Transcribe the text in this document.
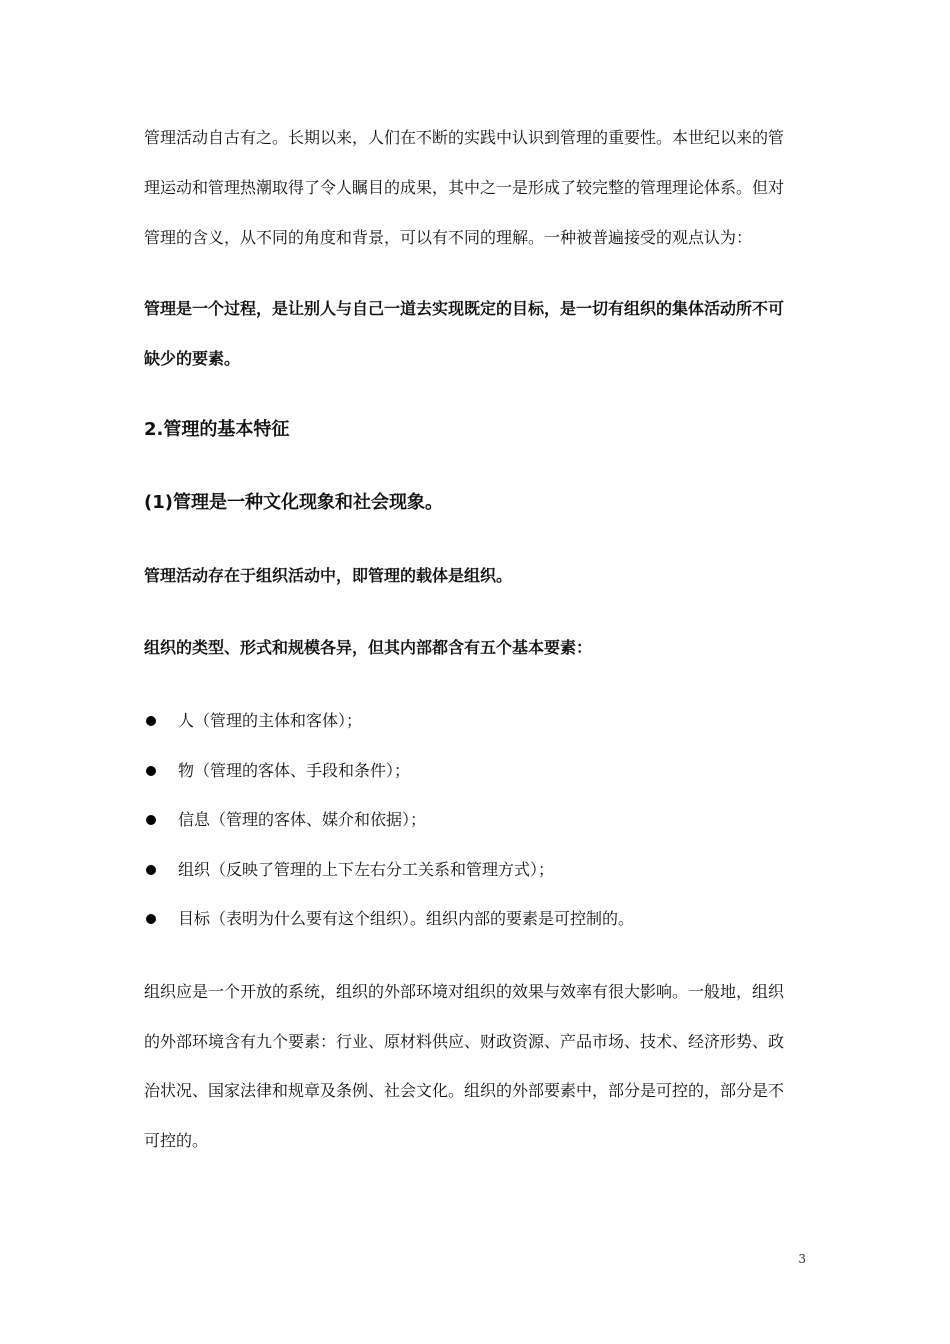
管理活动自古有之。长期以来，人们在不断的实践中认识到管理的重要性。本世纪以来的管
理运动和管理热潮取得了令人瞩目的成果，其中之一是形成了较完整的管理理论体系。但对
管理的含义，从不同的角度和背景，可以有不同的理解。一种被普遍接受的观点认为：
管理是一个过程，是让别人与自己一道去实现既定的目标，是一切有组织的集体活动所不可
缺少的要素。
2.管理的基本特征
(1)管理是一种文化现象和社会现象。
管理活动存在于组织活动中，即管理的载体是组织。
组织的类型、形式和规模各异，但其内部都含有五个基本要素：
人（管理的主体和客体）；
物（管理的客体、手段和条件）；
信息（管理的客体、媒介和依据）；
组织（反映了管理的上下左右分工关系和管理方式）；
目标（表明为什么要有这个组织）。组织内部的要素是可控制的。
组织应是一个开放的系统，组织的外部环境对组织的效果与效率有很大影响。一般地，组织
的外部环境含有九个要素：行业、原材料供应、财政资源、产品市场、技术、经济形势、政
治状况、国家法律和规章及条例、社会文化。组织的外部要素中，部分是可控的，部分是不
可控的。
3
